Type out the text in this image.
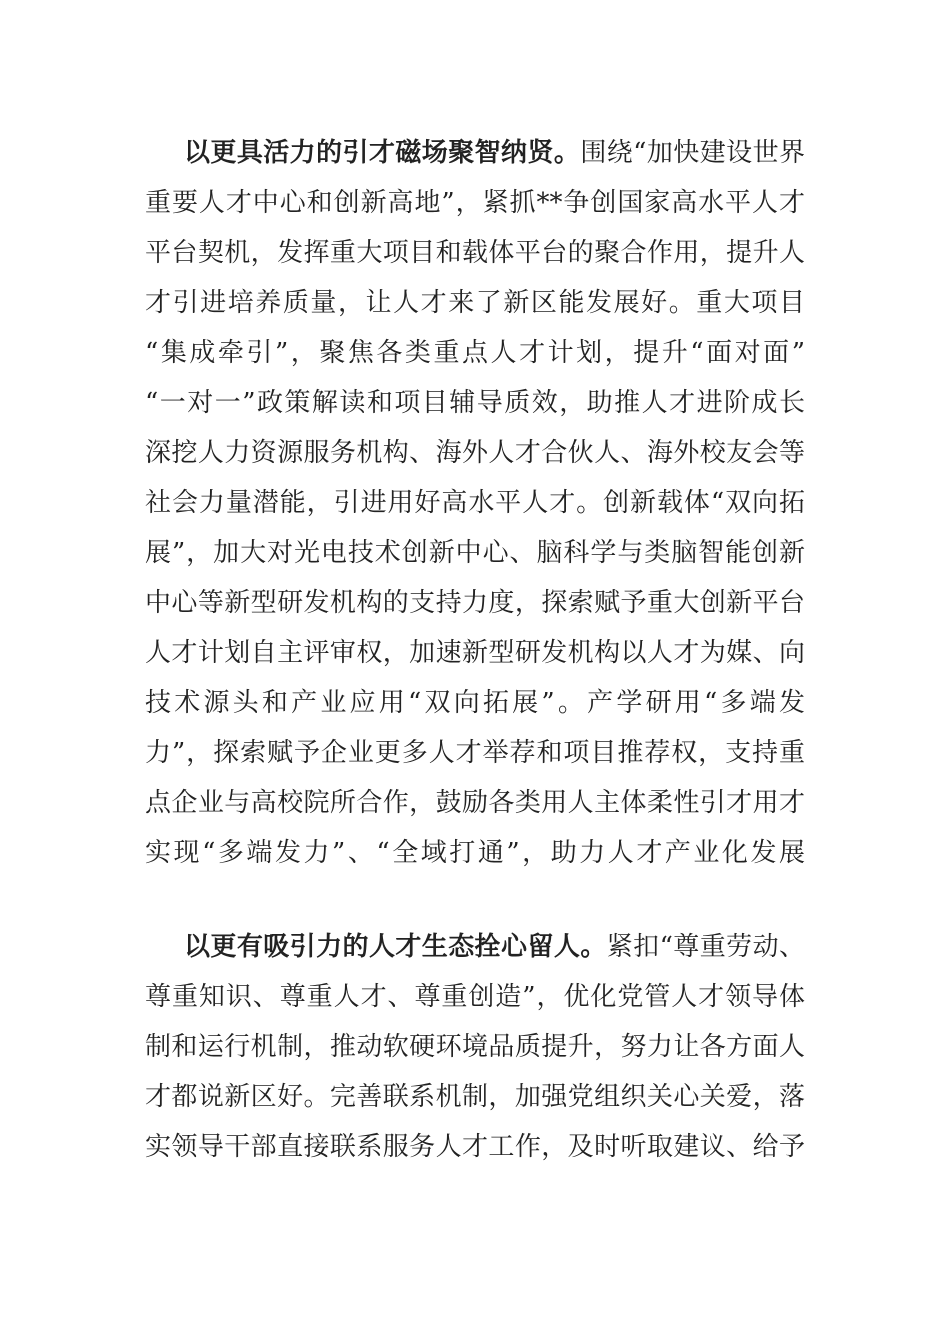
以更具活力的引才磁场聚智纳贤。围绕“加快建设世界
重要人才中心和创新高地”，紧抓**争创国家高水平人才
平台契机，发挥重大项目和载体平台的聚合作用，提升人
才引进培养质量，让人才来了新区能发展好。重大项目
“集成牵引”，聚焦各类重点人才计划，提升“面对面”
“一对一”政策解读和项目辅导质效，助推人才进阶成长
深挖人力资源服务机构、海外人才合伙人、海外校友会等
社会力量潜能，引进用好高水平人才。创新载体“双向拓
展”，加大对光电技术创新中心、脑科学与类脑智能创新
中心等新型研发机构的支持力度，探索赋予重大创新平台
人才计划自主评审权，加速新型研发机构以人才为媒、向
技术源头和产业应用“双向拓展”。产学研用“多端发
力”，探索赋予企业更多人才举荐和项目推荐权，支持重
点企业与高校院所合作，鼓励各类用人主体柔性引才用才
实现“多端发力”、“全域打通”，助力人才产业化发展
以更有吸引力的人才生态拴心留人。紧扣“尊重劳动、
尊重知识、尊重人才、尊重创造”，优化党管人才领导体
制和运行机制，推动软硬环境品质提升，努力让各方面人
才都说新区好。完善联系机制，加强党组织关心关爱，落
实领导干部直接联系服务人才工作，及时听取建议、给予
